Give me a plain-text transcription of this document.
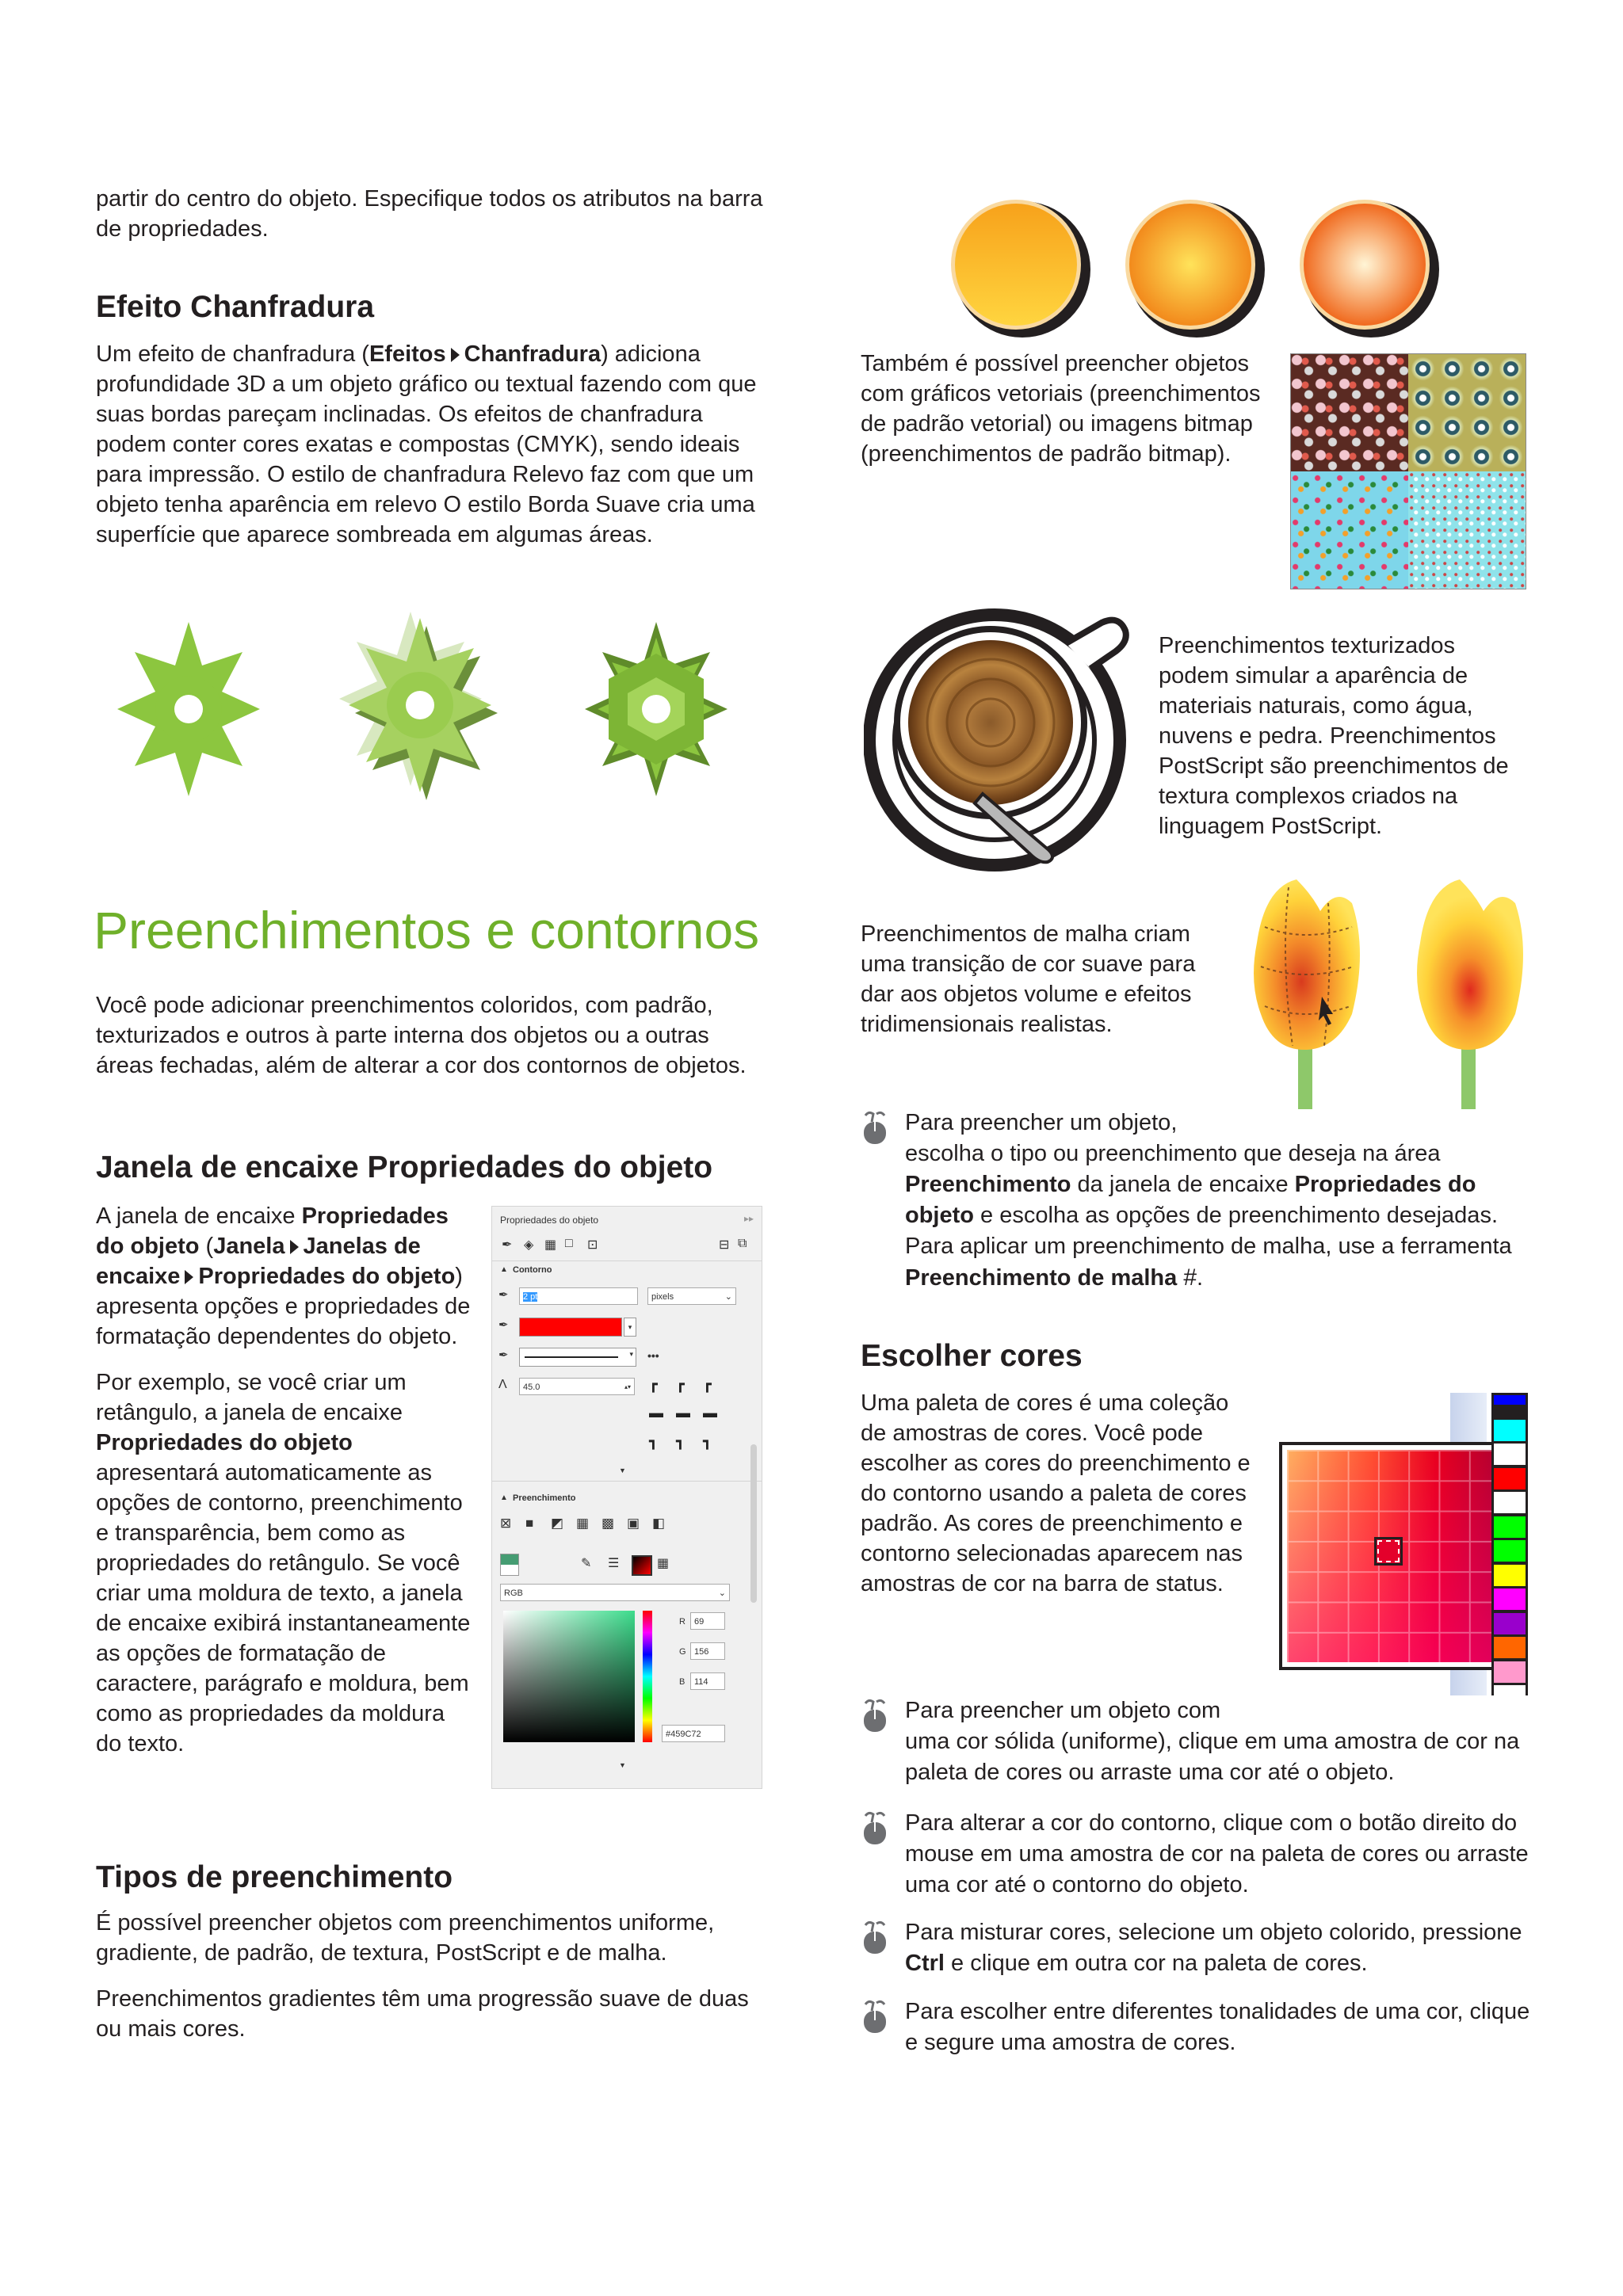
partir do centro do objeto. Especifique todos os atributos na barra de propriedades.
Efeito Chanfradura
Um efeito de chanfradura (Efeitos Chanfradura) adiciona profundidade 3D a um objeto gráfico ou textual fazendo com que suas bordas pareçam inclinadas. Os efeitos de chanfradura podem conter cores exatas e compostas (CMYK), sendo ideais para impressão. O estilo de chanfradura Relevo faz com que um objeto tenha aparência em relevo O estilo Borda Suave cria uma superfície que aparece sombreada em algumas áreas.
Preenchimentos e contornos
Você pode adicionar preenchimentos coloridos, com padrão, texturizados e outros à parte interna dos objetos ou a outras áreas fechadas, além de alterar a cor dos contornos de objetos.
Janela de encaixe Propriedades do objeto

A janela de encaixe Propriedades do objeto (Janela Janelas de encaixe Propriedades do objeto) apresenta opções e propriedades de formatação dependentes do objeto.

Por exemplo, se você criar um retângulo, a janela de encaixe Propriedades do objeto apresentará automaticamente as opções de contorno, preenchimento e transparência, bem como as propriedades do retângulo. Se você criar uma moldura de texto, a janela de encaixe exibirá instantaneamente as opções de formatação de caractere, parágrafo e moldura, bem como as propriedades da moldura do texto.

Propriedades do objeto	▸▸
✒ ◈ ▦ □	⊡	⊟ ⧉
▲ Contorno
✒	2 pt	pixels	⌄
✒	▾
✒	▾ •••
Λ	45.0	▴▾ ┏ ┏ ┏
▬ ▬ ▬
┓ ┓ ┓
▼
▲ Preenchimento
⊠ ■ ◩ ▦ ▩ ▣ ◧
✎ ☰	▦
RGB	⌄
R	69
G 156
B	114
#459C72
▼
Tipos de preenchimento

É possível preencher objetos com preenchimentos uniforme, gradiente, de padrão, de textura, PostScript e de malha.

Preenchimentos gradientes têm uma progressão suave de duas ou mais cores.

Também é possível preencher objetos com gráficos vetoriais (preenchimentos de padrão vetorial) ou imagens bitmap (preenchimentos de padrão bitmap).
Preenchimentos texturizados podem simular a aparência de materiais naturais, como água, nuvens e pedra. Preenchimentos PostScript são preenchimentos de textura complexos criados na linguagem PostScript.
Preenchimentos de malha criam uma transição de cor suave para dar aos objetos volume e efeitos tridimensionais realistas.
Para preencher um objeto,
escolha o tipo ou preenchimento que deseja na área Preenchimento da janela de encaixe Propriedades do objeto e escolha as opções de preenchimento desejadas. Para aplicar um preenchimento de malha, use a ferramenta Preenchimento de malha #.
Escolher cores
Uma paleta de cores é uma coleção de amostras de cores. Você pode escolher as cores do preenchimento e do contorno usando a paleta de cores padrão. As cores de preenchimento e contorno selecionadas aparecem nas amostras de cor na barra de status.
Para preencher um objeto com
uma cor sólida (uniforme), clique em uma amostra de cor na paleta de cores ou arraste uma cor até o objeto.
Para alterar a cor do contorno, clique com o botão direito do mouse em uma amostra de cor na paleta de cores ou arraste uma cor até o contorno do objeto.
Para misturar cores, selecione um objeto colorido, pressione Ctrl e clique em outra cor na paleta de cores.
Para escolher entre diferentes tonalidades de uma cor, clique e segure uma amostra de cores.
